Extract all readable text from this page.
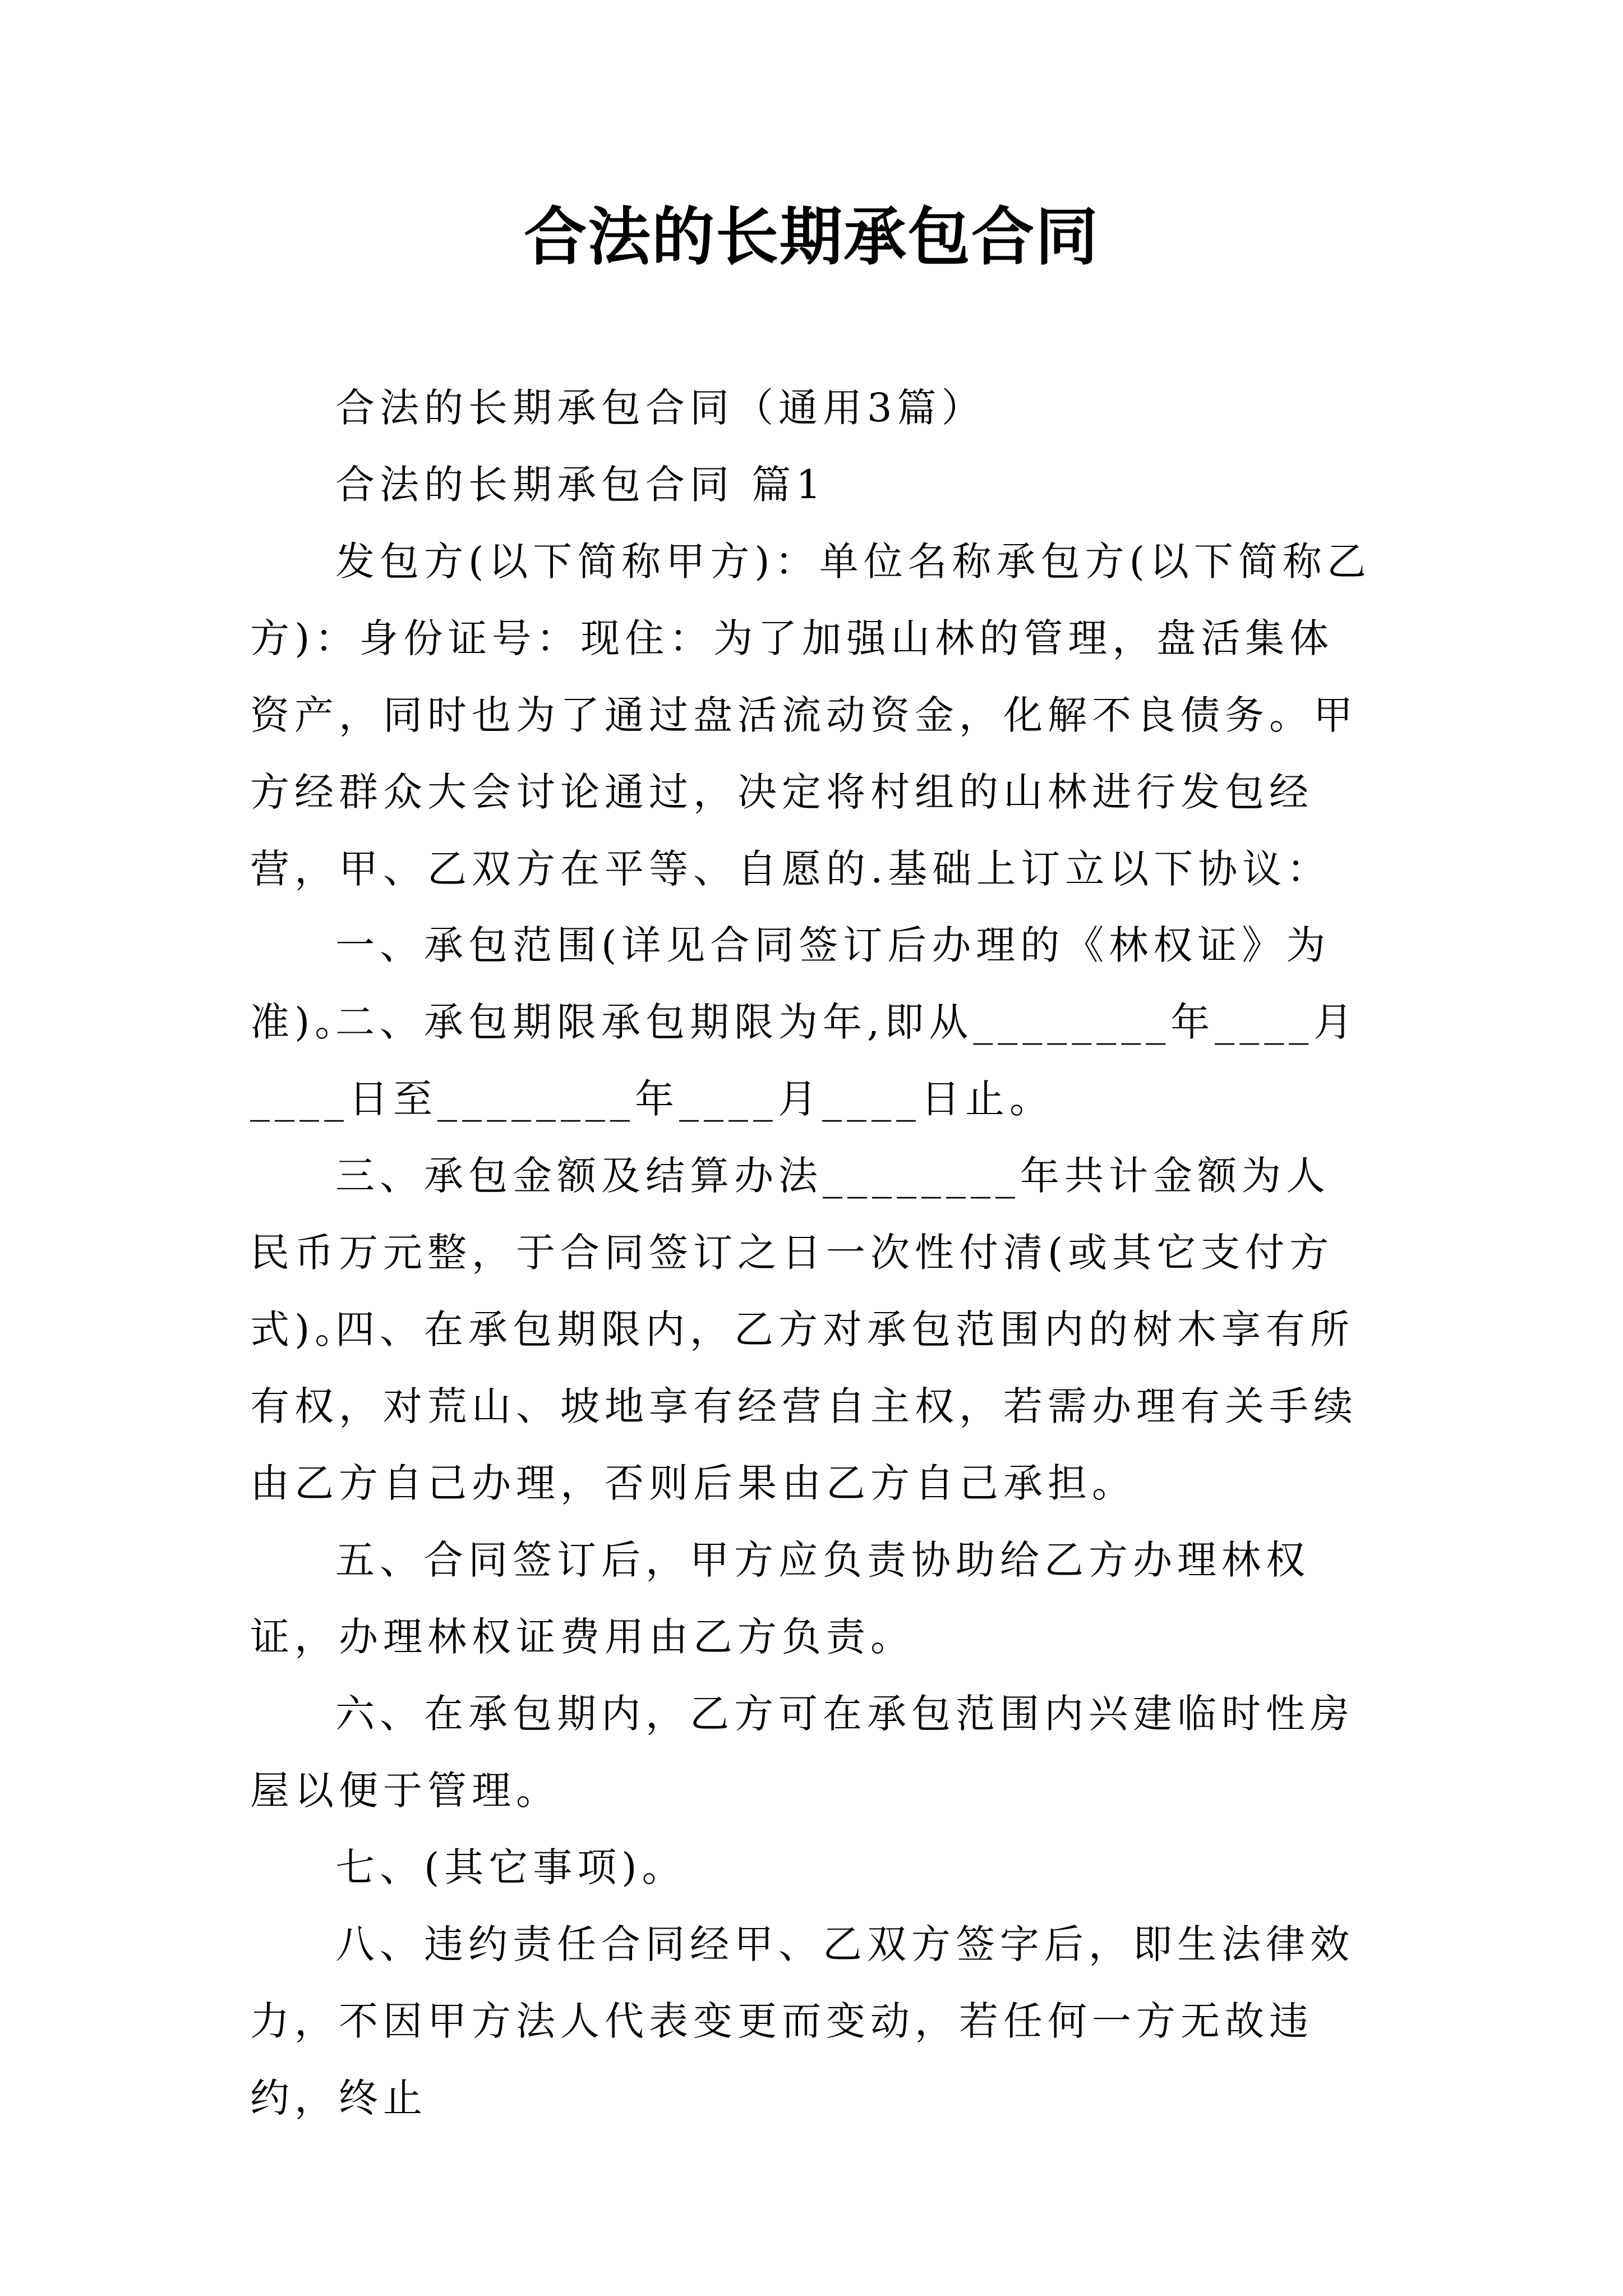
合法的长期承包合同

合法的长期承包合同（通用3篇）

合法的长期承包合同 篇1

发包方(以下简称甲方)：单位名称承包方(以下简称乙方)：身份证号：现住：为了加强山林的管理，盘活集体资产，同时也为了通过盘活流动资金，化解不良债务。甲方经群众大会讨论通过，决定将村组的山林进行发包经营，甲、乙双方在平等、自愿的.基础上订立以下协议：

一、承包范围(详见合同签订后办理的《林权证》为准)。

二、承包期限承包期限为年,即从________年____月____日至________年____月____日止。

三、承包金额及结算办法________年共计金额为人民币万元整，于合同签订之日一次性付清(或其它支付方式)。

四、在承包期限内，乙方对承包范围内的树木享有所有权，对荒山、坡地享有经营自主权，若需办理有关手续由乙方自己办理，否则后果由乙方自己承担。

五、合同签订后，甲方应负责协助给乙方办理林权证，办理林权证费用由乙方负责。

六、在承包期内，乙方可在承包范围内兴建临时性房屋以便于管理。

七、(其它事项)。

八、违约责任合同经甲、乙双方签字后，即生法律效力，不因甲方法人代表变更而变动，若任何一方无故违约，终止
